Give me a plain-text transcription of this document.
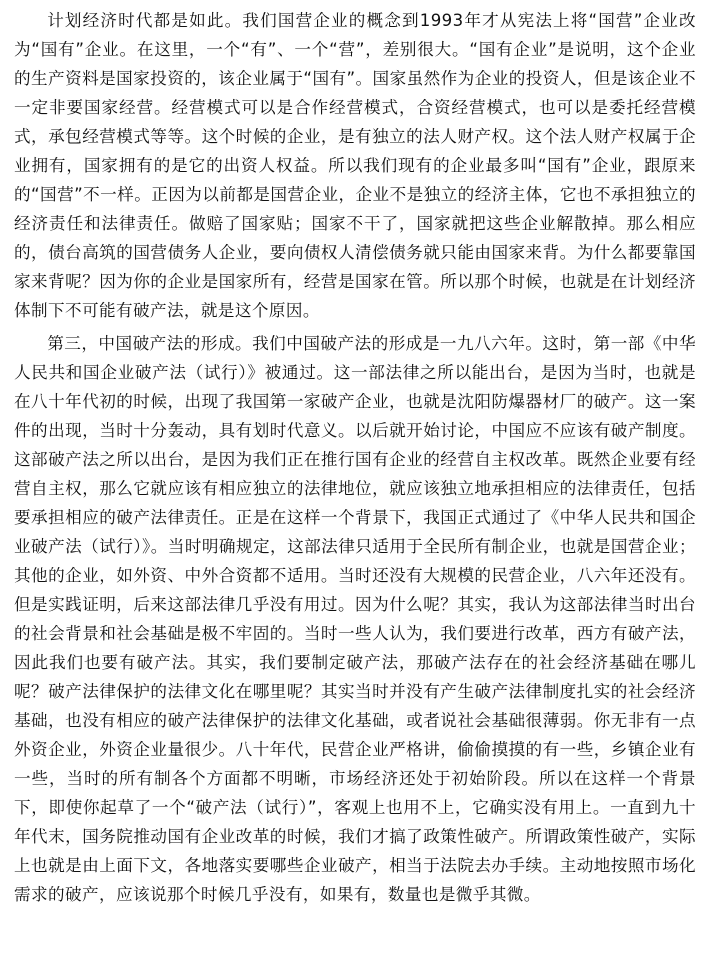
计划经济时代都是如此。我们国营企业的概念到1993年才从宪法上将“国营”企业改为“国有”企业。在这里，一个“有”、一个“营”，差别很大。“国有企业”是说明，这个企业的生产资料是国家投资的，该企业属于“国有”。国家虽然作为企业的投资人，但是该企业不一定非要国家经营。经营模式可以是合作经营模式，合资经营模式，也可以是委托经营模式，承包经营模式等等。这个时候的企业，是有独立的法人财产权。这个法人财产权属于企业拥有，国家拥有的是它的出资人权益。所以我们现有的企业最多叫“国有”企业，跟原来的“国营”不一样。正因为以前都是国营企业，企业不是独立的经济主体，它也不承担独立的经济责任和法律责任。做赔了国家贴；国家不干了，国家就把这些企业解散掉。那么相应的，债台高筑的国营债务人企业，要向债权人清偿债务就只能由国家来背。为什么都要靠国家来背呢？因为你的企业是国家所有，经营是国家在管。所以那个时候，也就是在计划经济体制下不可能有破产法，就是这个原因。

第三，中国破产法的形成。我们中国破产法的形成是一九八六年。这时，第一部《中华人民共和国企业破产法（试行）》被通过。这一部法律之所以能出台，是因为当时，也就是在八十年代初的时候，出现了我国第一家破产企业，也就是沈阳防爆器材厂的破产。这一案件的出现，当时十分轰动，具有划时代意义。以后就开始讨论，中国应不应该有破产制度。这部破产法之所以出台，是因为我们正在推行国有企业的经营自主权改革。既然企业要有经营自主权，那么它就应该有相应独立的法律地位，就应该独立地承担相应的法律责任，包括要承担相应的破产法律责任。正是在这样一个背景下，我国正式通过了《中华人民共和国企业破产法（试行）》。当时明确规定，这部法律只适用于全民所有制企业，也就是国营企业；其他的企业，如外资、中外合资都不适用。当时还没有大规模的民营企业，八六年还没有。但是实践证明，后来这部法律几乎没有用过。因为什么呢？其实，我认为这部法律当时出台的社会背景和社会基础是极不牢固的。当时一些人认为，我们要进行改革，西方有破产法，因此我们也要有破产法。其实，我们要制定破产法，那破产法存在的社会经济基础在哪儿呢？破产法律保护的法律文化在哪里呢？其实当时并没有产生破产法律制度扎实的社会经济基础，也没有相应的破产法律保护的法律文化基础，或者说社会基础很薄弱。你无非有一点外资企业，外资企业量很少。八十年代，民营企业严格讲，偷偷摸摸的有一些，乡镇企业有一些，当时的所有制各个方面都不明晰，市场经济还处于初始阶段。所以在这样一个背景下，即使你起草了一个“破产法（试行）”，客观上也用不上，它确实没有用上。一直到九十年代末，国务院推动国有企业改革的时候，我们才搞了政策性破产。所谓政策性破产，实际上也就是由上面下文，各地落实要哪些企业破产，相当于法院去办手续。主动地按照市场化需求的破产，应该说那个时候几乎没有，如果有，数量也是微乎其微。
